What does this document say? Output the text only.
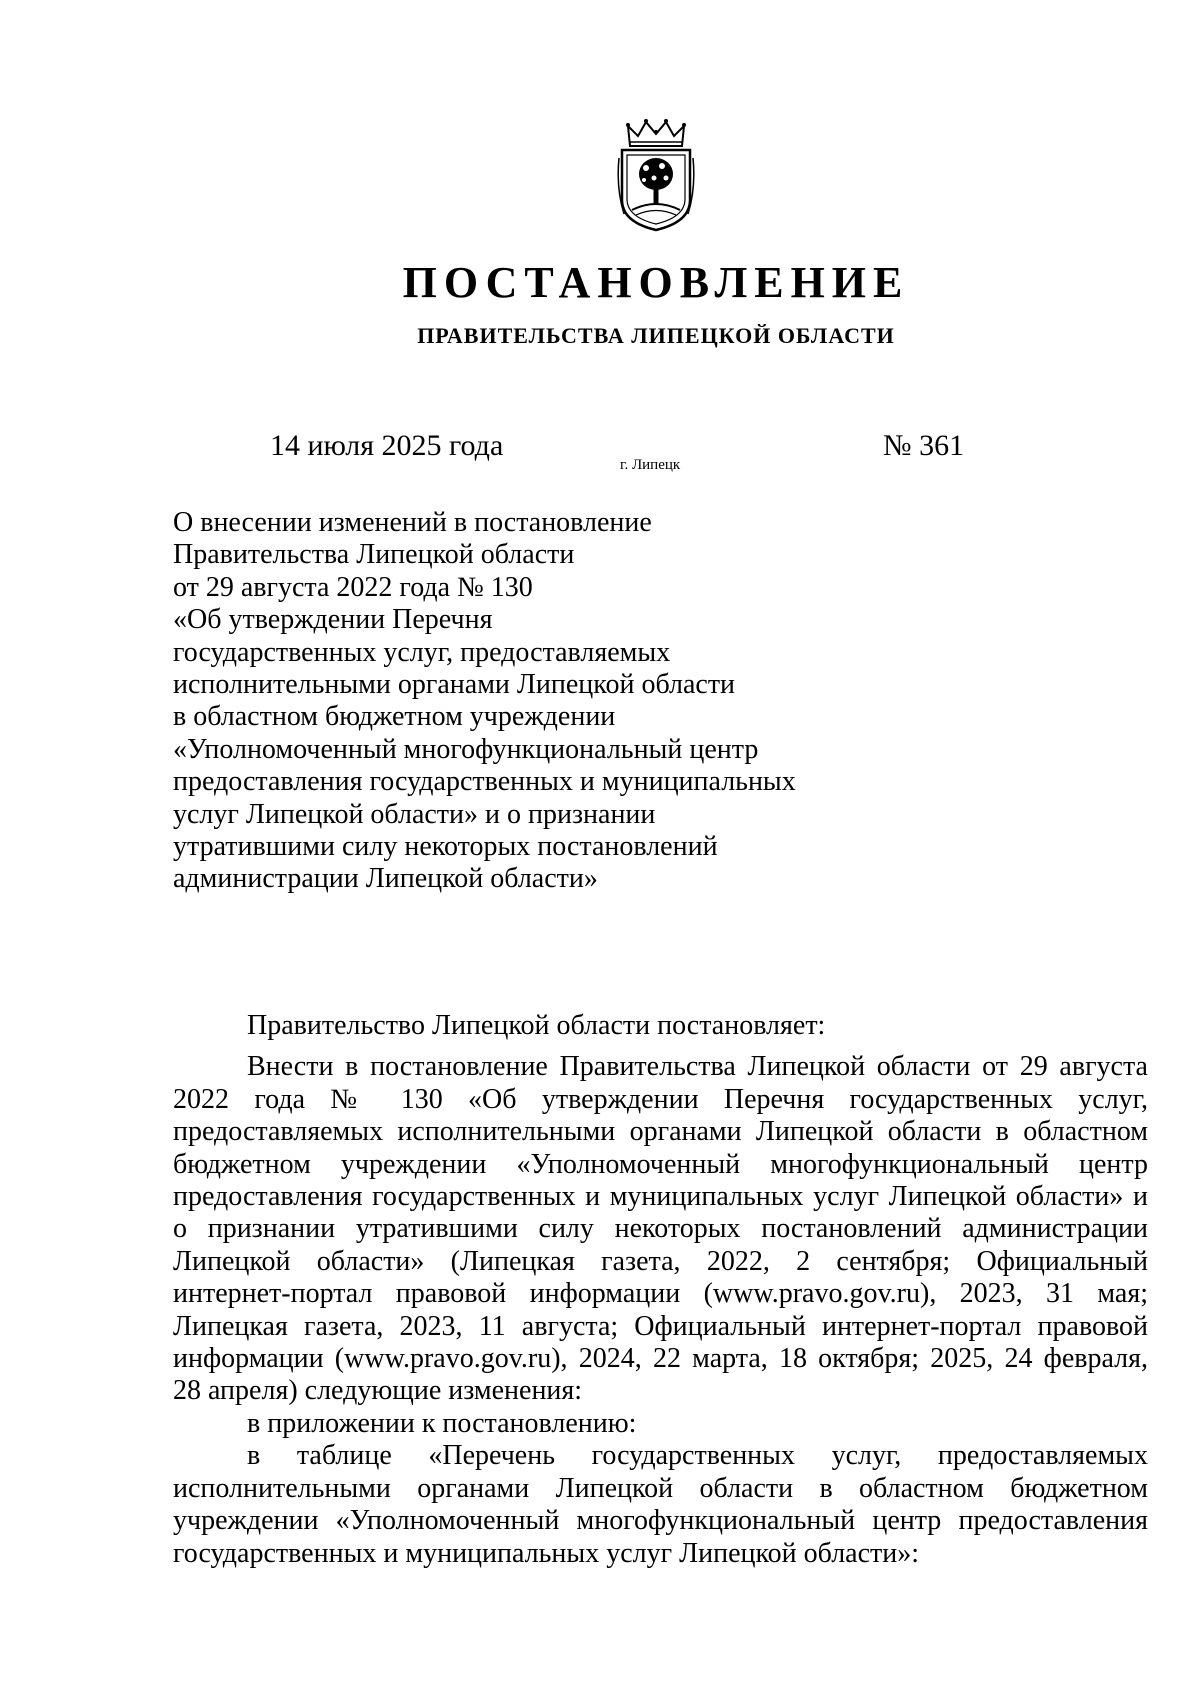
ПОСТАНОВЛЕНИЕ
ПРАВИТЕЛЬСТВА ЛИПЕЦКОЙ ОБЛАСТИ
14 июля 2025 года
г. Липецк
№ 361
О внесении изменений в постановление
Правительства Липецкой области
от 29 августа 2022 года № 130
«Об утверждении Перечня
государственных услуг, предоставляемых
исполнительными органами Липецкой области
в областном бюджетном учреждении
«Уполномоченный многофункциональный центр
предоставления государственных и муниципальных
услуг Липецкой области» и о признании
утратившими силу некоторых постановлений
администрации Липецкой области»

Правительство Липецкой области постановляет:

Внести в постановление Правительства Липецкой области от 29 августа

2022 года № 130 «Об утверждении Перечня государственных услуг,

предоставляемых исполнительными органами Липецкой области в областном

бюджетном учреждении «Уполномоченный многофункциональный центр

предоставления государственных и муниципальных услуг Липецкой области» и

о признании утратившими силу некоторых постановлений администрации

Липецкой области» (Липецкая газета, 2022, 2 сентября; Официальный

интернет-портал правовой информации (www.pravo.gov.ru), 2023, 31 мая;

Липецкая газета, 2023, 11 августа; Официальный интернет-портал правовой

информации (www.pravo.gov.ru), 2024, 22 марта, 18 октября; 2025, 24 февраля,

28 апреля) следующие изменения:

в приложении к постановлению:

в таблице «Перечень государственных услуг, предоставляемых

исполнительными органами Липецкой области в областном бюджетном

учреждении «Уполномоченный многофункциональный центр предоставления

государственных и муниципальных услуг Липецкой области»:
